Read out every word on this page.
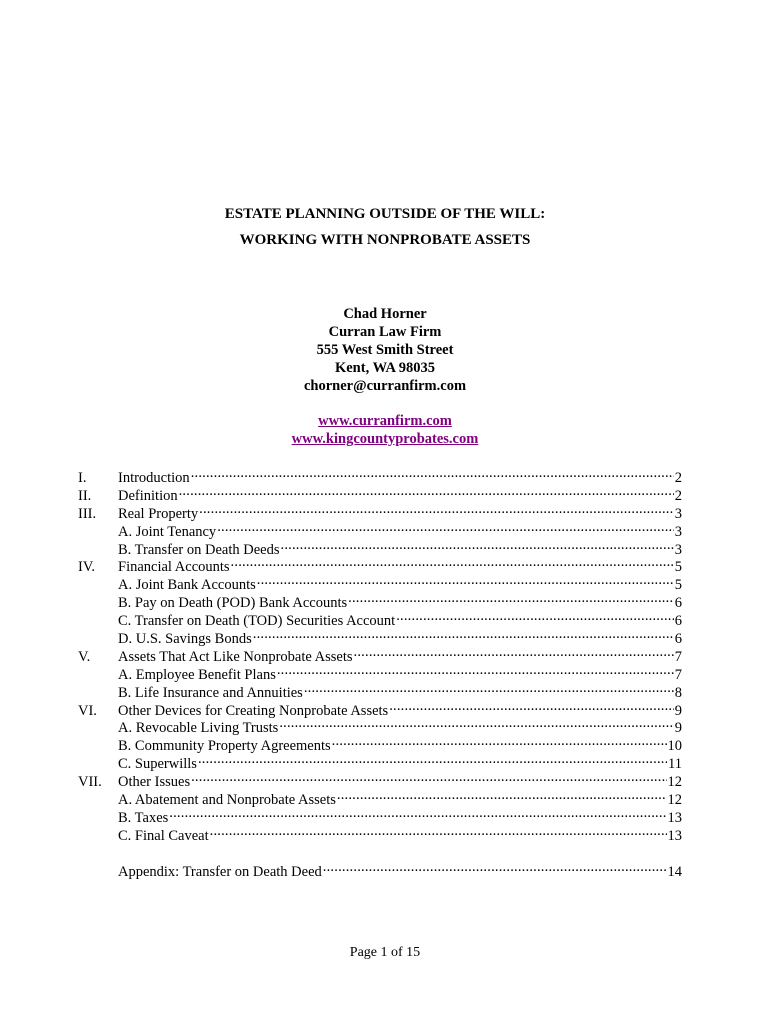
ESTATE PLANNING OUTSIDE OF THE WILL:
WORKING WITH NONPROBATE ASSETS
Chad Horner
Curran Law Firm
555 West Smith Street
Kent, WA 98035
chorner@curranfirm.com
www.curranfirm.com
www.kingcountyprobates.com
I.	Introduction .....	2
II.	Definition .....	2
III.	Real Property .....	3
A. Joint Tenancy .....	3
B. Transfer on Death Deeds .....	3
IV.	Financial Accounts .....	5
A. Joint Bank Accounts .....	5
B. Pay on Death (POD) Bank Accounts .....	6
C. Transfer on Death (TOD) Securities Account .....	6
D. U.S. Savings Bonds .....	6
V.	Assets That Act Like Nonprobate Assets .....	7
A. Employee Benefit Plans .....	7
B. Life Insurance and Annuities .....	8
VI.	Other Devices for Creating Nonprobate Assets .....	9
A. Revocable Living Trusts .....	9
B. Community Property Agreements .....	10
C. Superwills .....	11
VII.	Other Issues .....	12
A. Abatement and Nonprobate Assets .....	12
B. Taxes .....	13
C. Final Caveat .....	13
Appendix: Transfer on Death Deed .....	14
Page 1 of 15
